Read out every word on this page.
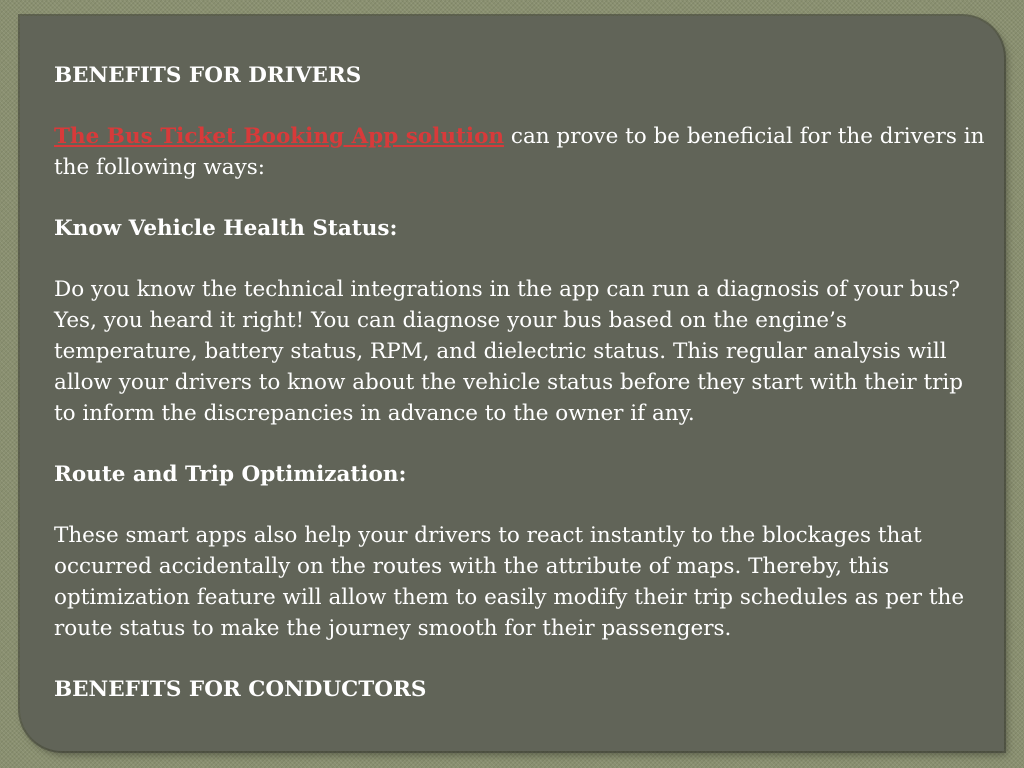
BENEFITS FOR DRIVERS

The Bus Ticket Booking App solution can prove to be beneficial for the drivers in the following ways:

Know Vehicle Health Status:

Do you know the technical integrations in the app can run a diagnosis of your bus? Yes, you heard it right! You can diagnose your bus based on the engine’s temperature, battery status, RPM, and dielectric status. This regular analysis will allow your drivers to know about the vehicle status before they start with their trip to inform the discrepancies in advance to the owner if any.

Route and Trip Optimization:

These smart apps also help your drivers to react instantly to the blockages that occurred accidentally on the routes with the attribute of maps. Thereby, this optimization feature will allow them to easily modify their trip schedules as per the route status to make the journey smooth for their passengers.

BENEFITS FOR CONDUCTORS
